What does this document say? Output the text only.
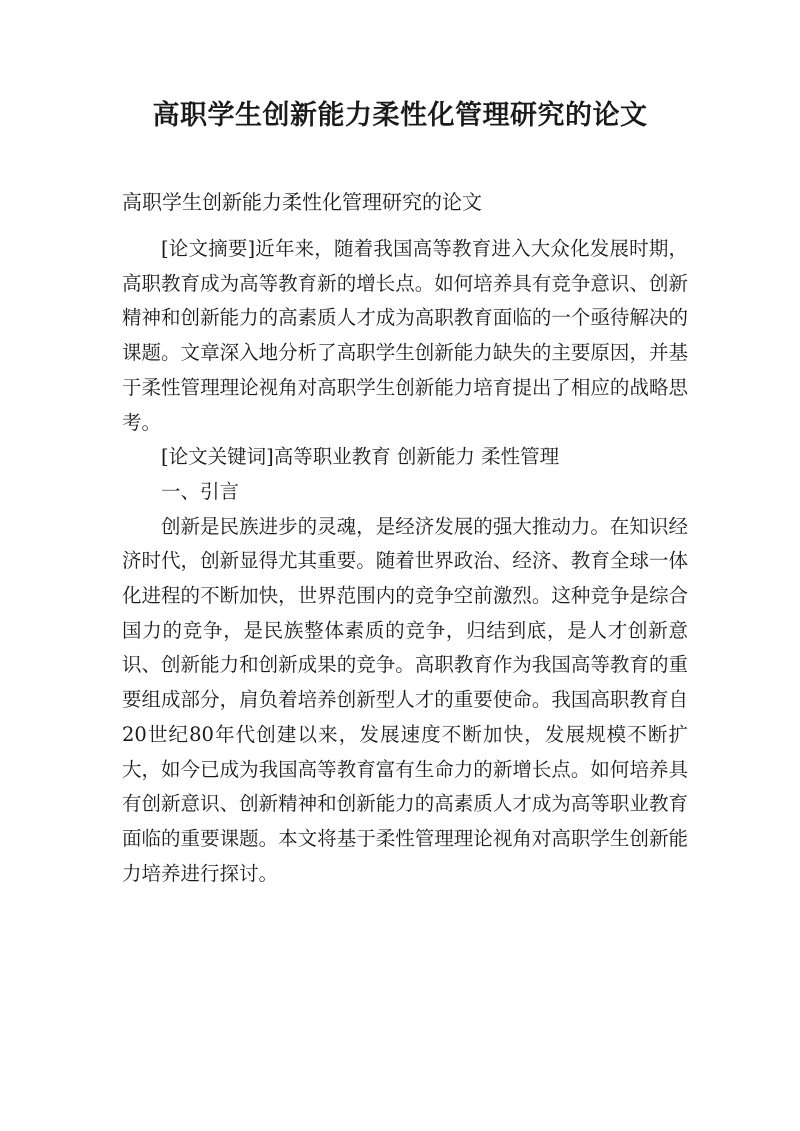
高职学生创新能力柔性化管理研究的论文

高职学生创新能力柔性化管理研究的论文

[论文摘要]近年来，随着我国高等教育进入大众化发展时期，高职教育成为高等教育新的增长点。如何培养具有竞争意识、创新精神和创新能力的高素质人才成为高职教育面临的一个亟待解决的课题。文章深入地分析了高职学生创新能力缺失的主要原因，并基于柔性管理理论视角对高职学生创新能力培育提出了相应的战略思考。

[论文关键词]高等职业教育 创新能力 柔性管理

一、引言

创新是民族进步的灵魂，是经济发展的强大推动力。在知识经济时代，创新显得尤其重要。随着世界政治、经济、教育全球一体化进程的不断加快，世界范围内的竞争空前激烈。这种竞争是综合国力的竞争，是民族整体素质的竞争，归结到底，是人才创新意识、创新能力和创新成果的竞争。高职教育作为我国高等教育的重要组成部分，肩负着培养创新型人才的重要使命。我国高职教育自20世纪80年代创建以来，发展速度不断加快，发展规模不断扩大，如今已成为我国高等教育富有生命力的新增长点。如何培养具有创新意识、创新精神和创新能力的高素质人才成为高等职业教育面临的重要课题。本文将基于柔性管理理论视角对高职学生创新能力培养进行探讨。
